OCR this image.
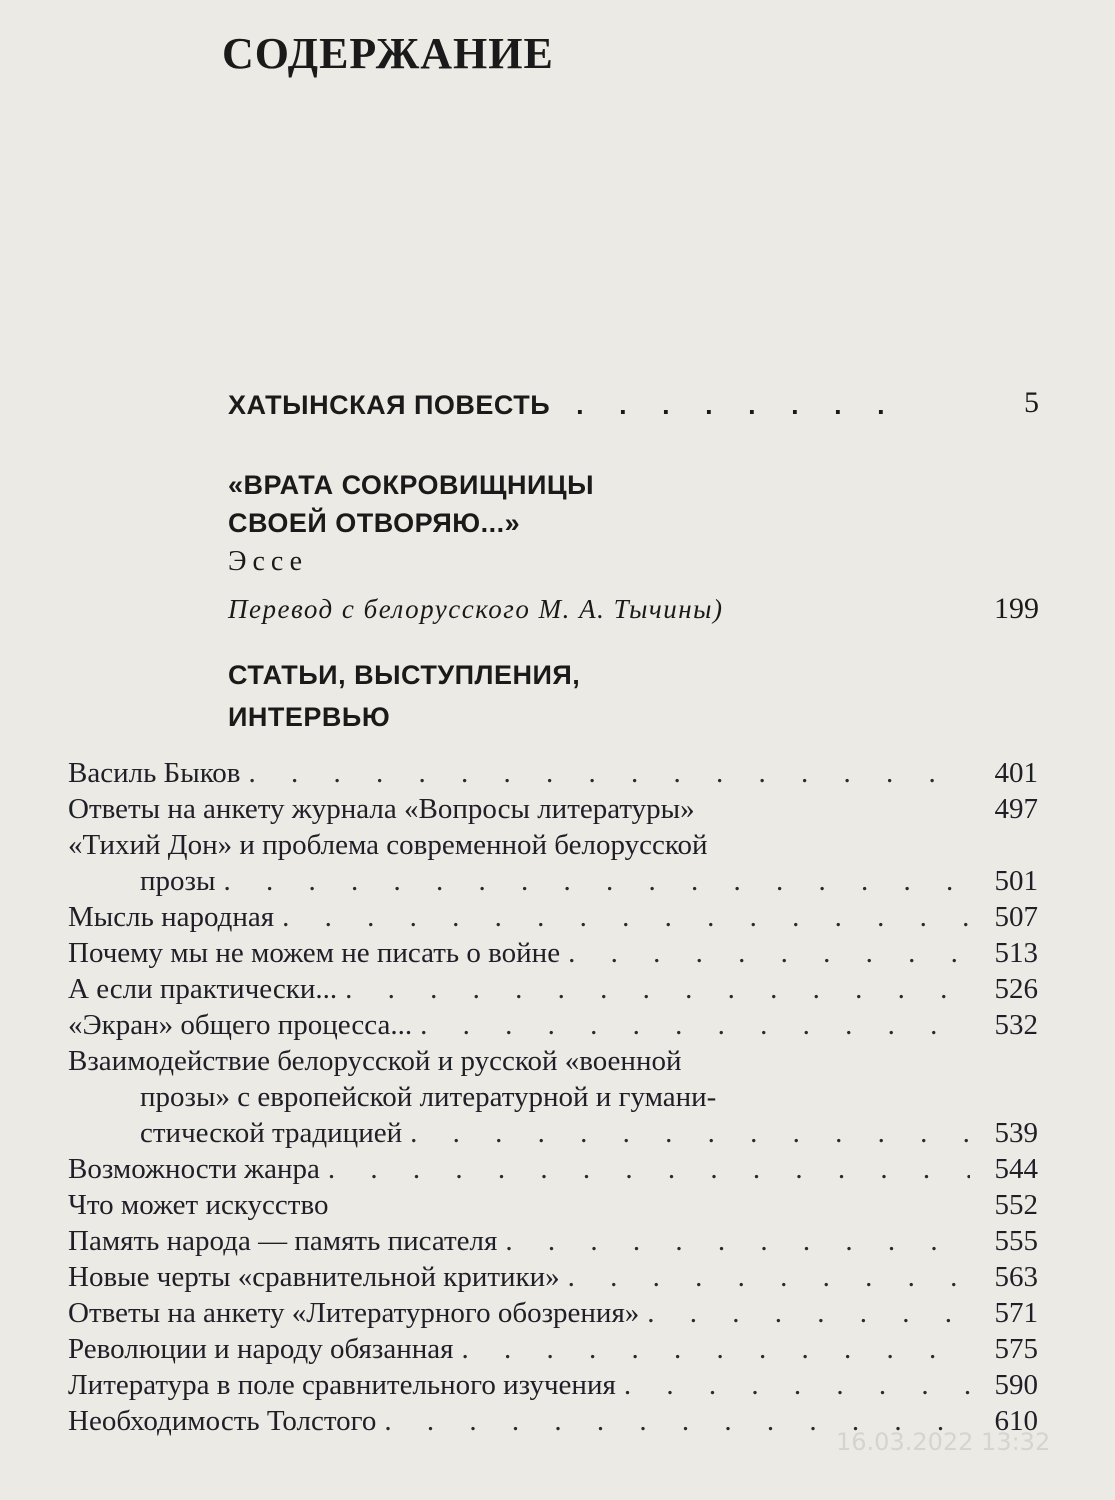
СОДЕРЖАНИЕ
ХАТЫНСКАЯ ПОВЕСТЬ . . . . . . . .	5
«ВРАТА СОКРОВИЩНИЦЫ
СВОЕЙ ОТВОРЯЮ...»
Эссе
Перевод с белорусского М. А. Тычины)	199
СТАТЬИ, ВЫСТУПЛЕНИЯ,
ИНТЕРВЬЮ
Василь Быков . . .	401
Ответы на анкету журнала «Вопросы литературы»	497
«Тихий Дон» и проблема современной белорусской
прозы . . .	501
Мысль народная . . .	507
Почему мы не можем не писать о войне . . .	513
А если практически... . . .	526
«Экран» общего процесса... . . .	532
Взаимодействие белорусской и русской «военной
прозы» с европейской литературной и гумани-
стической традицией . . .	539
Возможности жанра . . .	544
Что может искусство	552
Память народа — память писателя . . .	555
Новые черты «сравнительной критики» . . .	563
Ответы на анкету «Литературного обозрения» . . .	571
Революции и народу обязанная . . .	575
Литература в поле сравнительного изучения . . .	590
Необходимость Толстого . . .	610
16.03.2022 13:32
